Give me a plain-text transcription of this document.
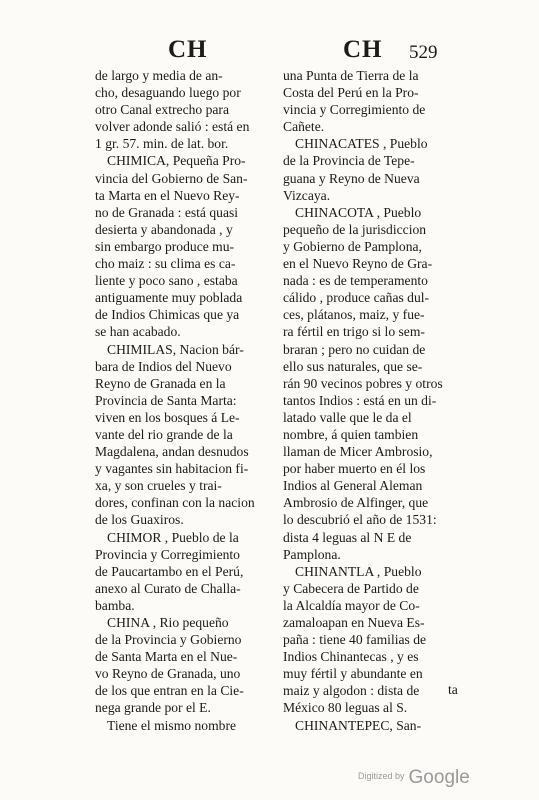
CH	CH 529
de largo y media de an-
cho, desaguando luego por
otro Canal extrecho para
volver adonde salió : está en
1 gr. 57. min. de lat. bor.
CHIMICA, Pequeña Pro-
vincia del Gobierno de San-
ta Marta en el Nuevo Rey-
no de Granada : está quasi
desierta y abandonada , y
sin embargo produce mu-
cho maiz : su clima es ca-
liente y poco sano , estaba
antiguamente muy poblada
de Indios Chimicas que ya
se han acabado.
CHIMILAS, Nacion bár-
bara de Indios del Nuevo
Reyno de Granada en la
Provincia de Santa Marta:
viven en los bosques á Le-
vante del rio grande de la
Magdalena, andan desnudos
y vagantes sin habitacion fi-
xa, y son crueles y trai-
dores, confinan con la nacion
de los Guaxiros.
CHIMOR , Pueblo de la
Provincia y Corregimiento
de Paucartambo en el Perú,
anexo al Curato de Challa-
bamba.
CHINA , Rio pequeño
de la Provincia y Gobierno
de Santa Marta en el Nue-
vo Reyno de Granada, uno
de los que entran en la Cie-
nega grande por el E.
Tiene el mismo nombre
una Punta de Tierra de la
Costa del Perú en la Pro-
vincia y Corregimiento de
Cañete.
CHINACATES , Pueblo
de la Provincia de Tepe-
guana y Reyno de Nueva
Vizcaya.
CHINACOTA , Pueblo
pequeño de la jurisdiccion
y Gobierno de Pamplona,
en el Nuevo Reyno de Gra-
nada : es de temperamento
cálido , produce cañas dul-
ces, plátanos, maiz, y fue-
ra fértil en trigo si lo sem-
braran ; pero no cuidan de
ello sus naturales, que se-
rán 90 vecinos pobres y otros
tantos Indios : está en un di-
latado valle que le da el
nombre, á quien tambien
llaman de Micer Ambrosio,
por haber muerto en él los
Indios al General Aleman
Ambrosio de Alfinger, que
lo descubrió el año de 1531:
dista 4 leguas al N E de
Pamplona.
CHINANTLA , Pueblo
y Cabecera de Partido de
la Alcaldía mayor de Co-
zamaloapan en Nueva Es-
paña : tiene 40 familias de
Indios Chinantecas , y es
muy fértil y abundante en
maiz y algodon : dista de
México 80 leguas al S.
CHINANTEPEC, San-
ta
$^{Digitized by}$ Google
